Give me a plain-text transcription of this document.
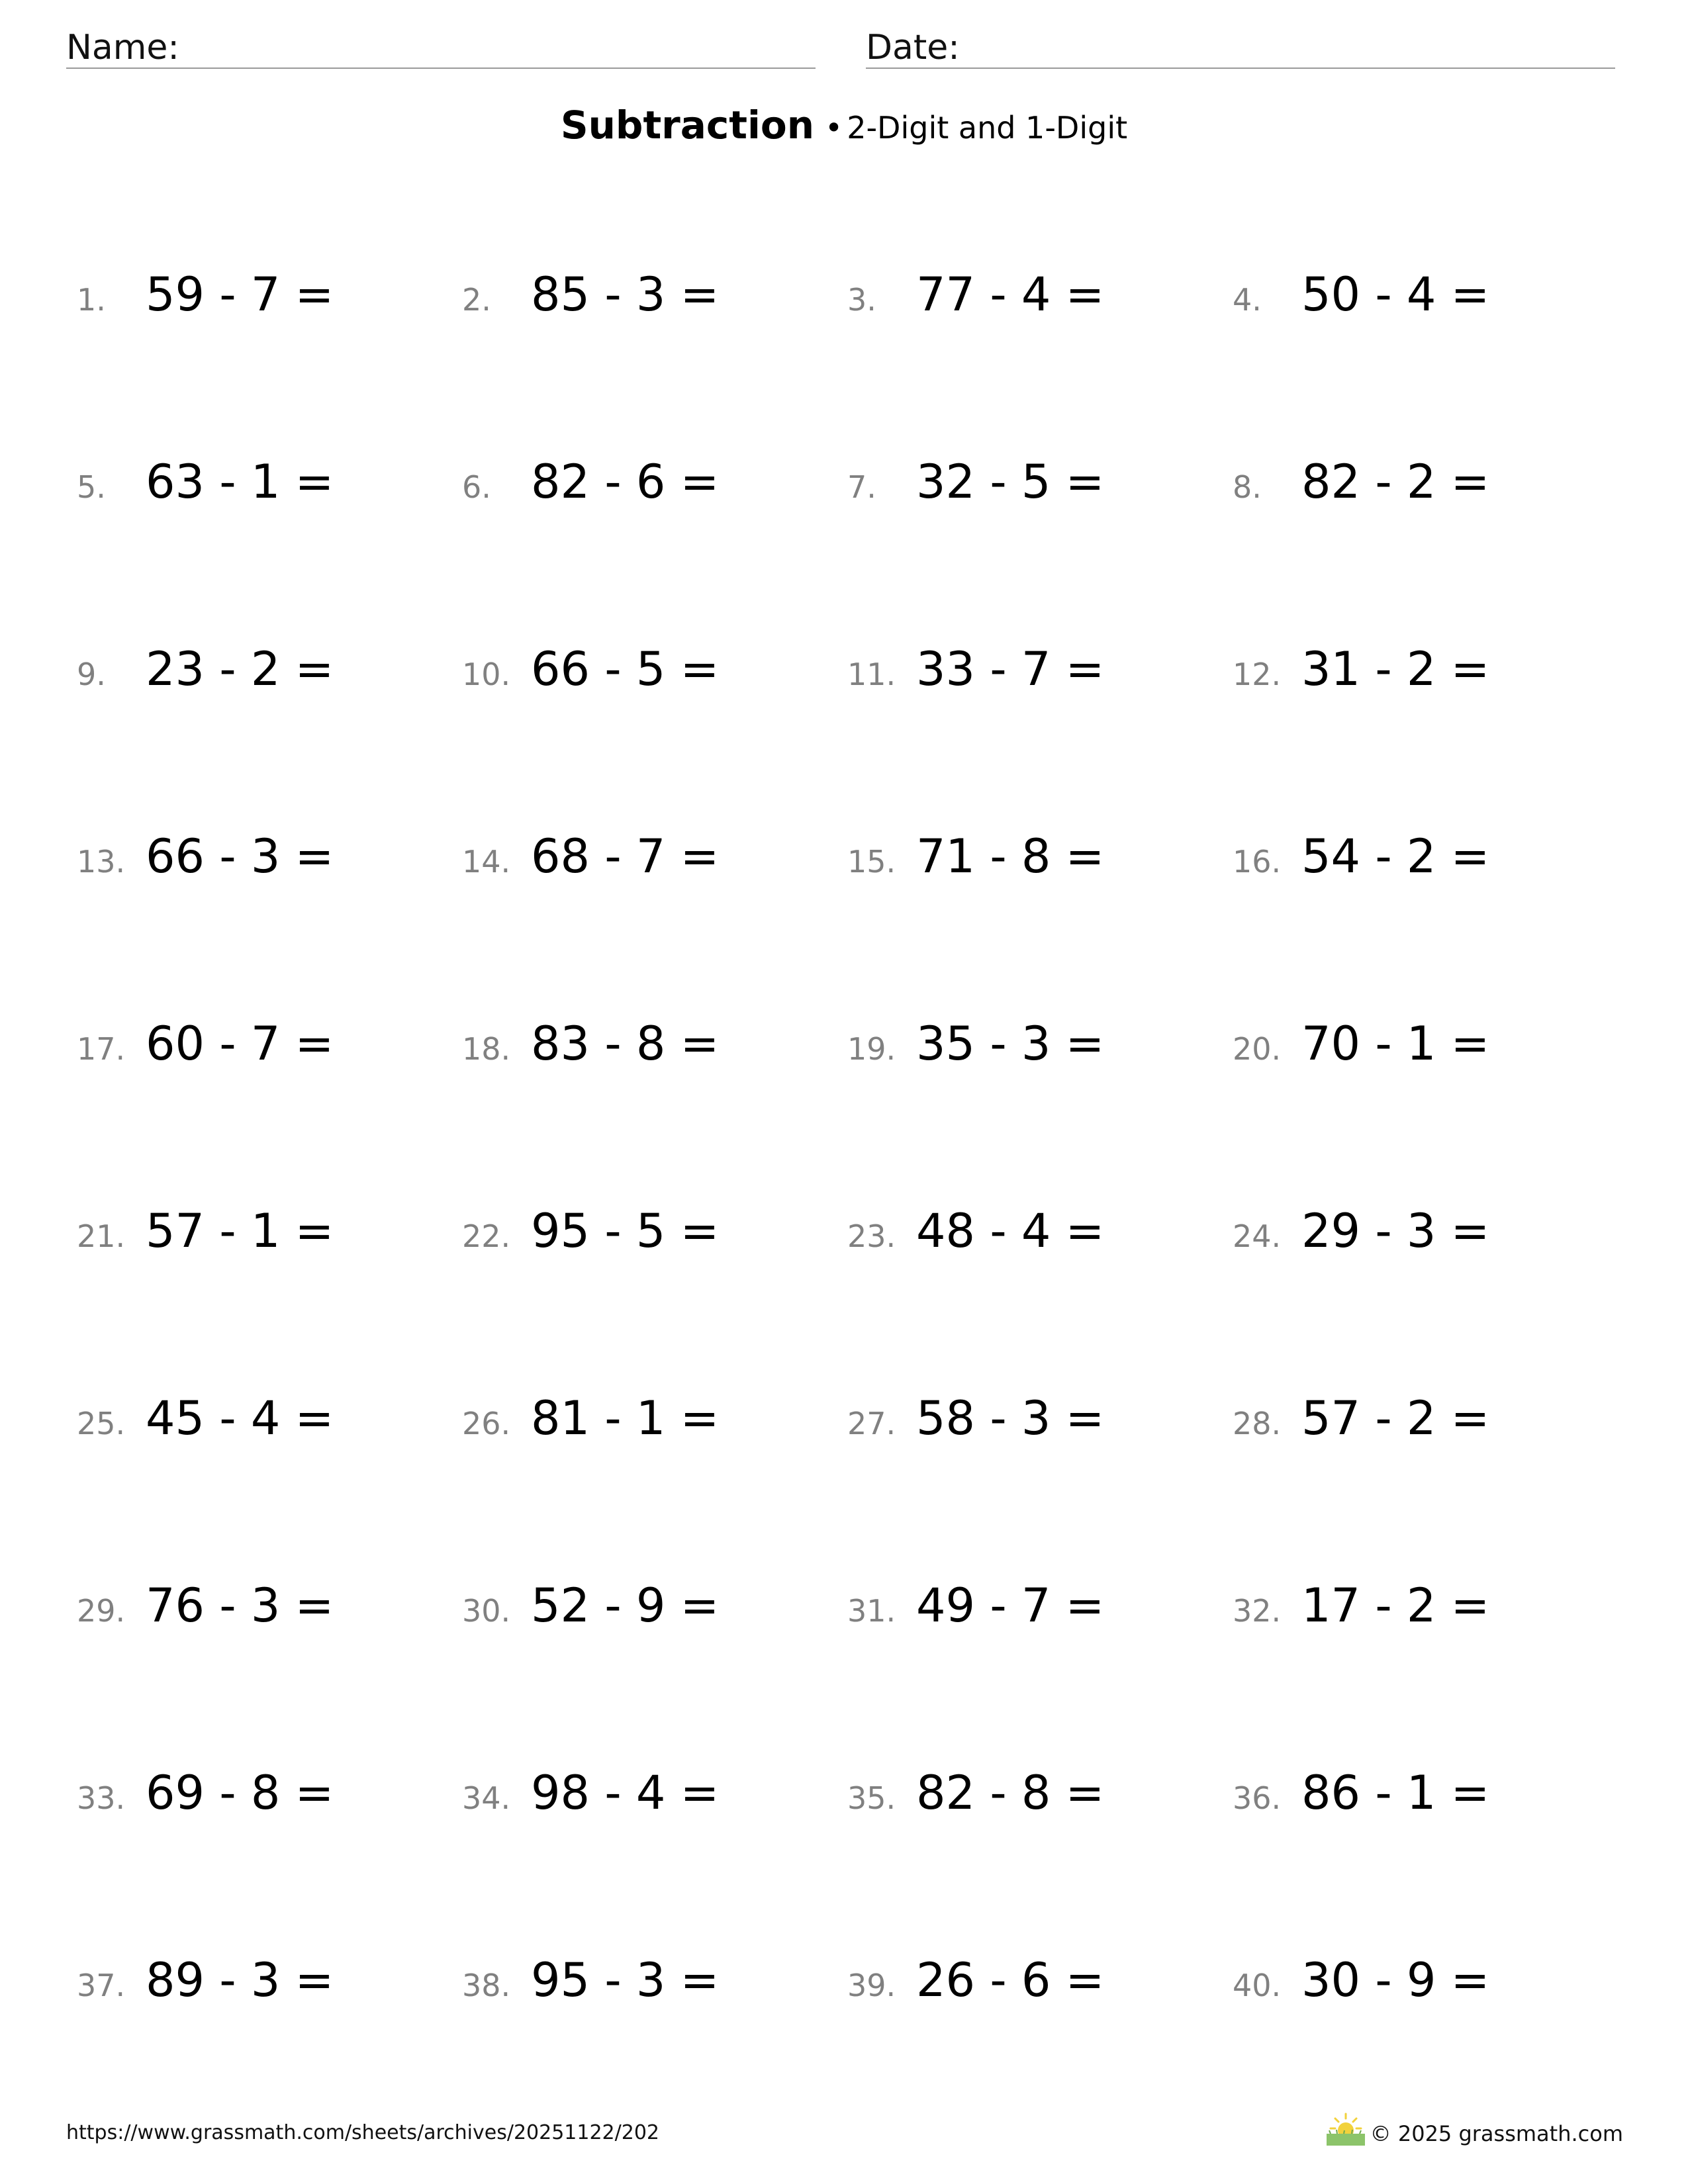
Name:	Date:
Subtraction • 2-Digit and 1-Digit
1. 59 - 7 =	2. 85 - 3 =	3. 77 - 4 =	4. 50 - 4 =
5. 63 - 1 =	6. 82 - 6 =	7. 32 - 5 =	8. 82 - 2 =
9. 23 - 2 =	10. 66 - 5 =	11. 33 - 7 =	12. 31 - 2 =
13. 66 - 3 =	14. 68 - 7 =	15. 71 - 8 =	16. 54 - 2 =
17. 60 - 7 =	18. 83 - 8 =	19. 35 - 3 =	20. 70 - 1 =
21. 57 - 1 =	22. 95 - 5 =	23. 48 - 4 =	24. 29 - 3 =
25. 45 - 4 =	26. 81 - 1 =	27. 58 - 3 =	28. 57 - 2 =
29. 76 - 3 =	30. 52 - 9 =	31. 49 - 7 =	32. 17 - 2 =
33. 69 - 8 =	34. 98 - 4 =	35. 82 - 8 =	36. 86 - 1 =
37. 89 - 3 =	38. 95 - 3 =	39. 26 - 6 =	40. 30 - 9 =
https://www.grassmath.com/sheets/archives/20251122/202	© 2025 grassmath.com
